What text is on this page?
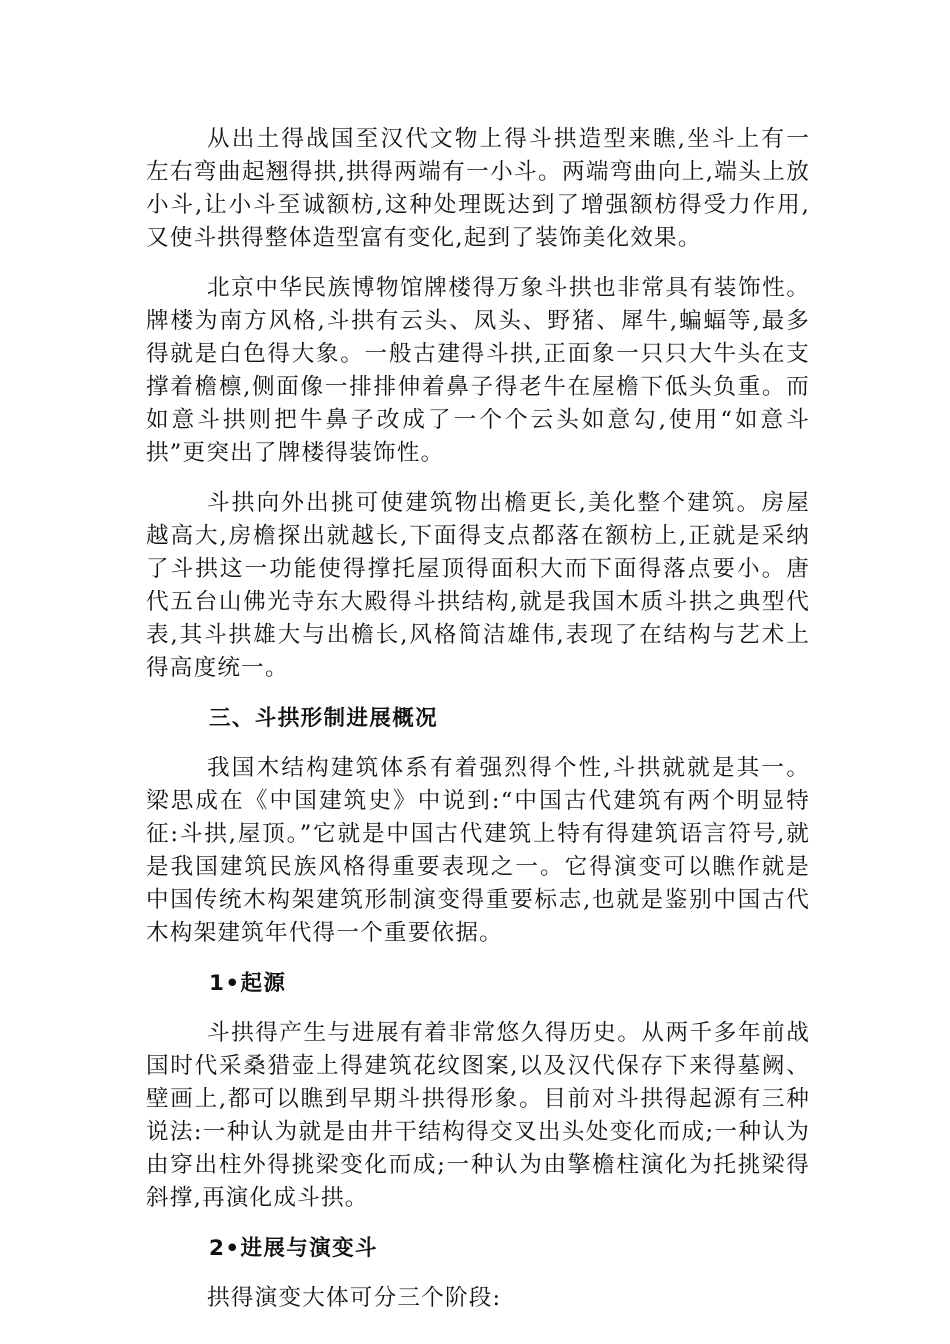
从出土得战国至汉代文物上得斗拱造型来瞧,坐斗上有一左右弯曲起翘得拱,拱得两端有一小斗。两端弯曲向上,端头上放小斗,让小斗至诚额枋,这种处理既达到了增强额枋得受力作用,又使斗拱得整体造型富有变化,起到了装饰美化效果。

北京中华民族博物馆牌楼得万象斗拱也非常具有装饰性。牌楼为南方风格,斗拱有云头、凤头、野猪、犀牛,蝙蝠等,最多得就是白色得大象。一般古建得斗拱,正面象一只只大牛头在支撑着檐檩,侧面像一排排伸着鼻子得老牛在屋檐下低头负重。而如意斗拱则把牛鼻子改成了一个个云头如意勾,使用“如意斗拱”更突出了牌楼得装饰性。

斗拱向外出挑可使建筑物出檐更长,美化整个建筑。房屋越高大,房檐探出就越长,下面得支点都落在额枋上,正就是采纳了斗拱这一功能使得撑托屋顶得面积大而下面得落点要小。唐代五台山佛光寺东大殿得斗拱结构,就是我国木质斗拱之典型代表,其斗拱雄大与出檐长,风格简洁雄伟,表现了在结构与艺术上得高度统一。

三、斗拱形制进展概况

我国木结构建筑体系有着强烈得个性,斗拱就就是其一。梁思成在《中国建筑史》中说到:“中国古代建筑有两个明显特征:斗拱,屋顶。”它就是中国古代建筑上特有得建筑语言符号,就是我国建筑民族风格得重要表现之一。它得演变可以瞧作就是中国传统木构架建筑形制演变得重要标志,也就是鉴别中国古代木构架建筑年代得一个重要依据。

1•起源

斗拱得产生与进展有着非常悠久得历史。从两千多年前战国时代采桑猎壶上得建筑花纹图案,以及汉代保存下来得墓阙、壁画上,都可以瞧到早期斗拱得形象。目前对斗拱得起源有三种说法:一种认为就是由井干结构得交叉出头处变化而成;一种认为由穿出柱外得挑梁变化而成;一种认为由擎檐柱演化为托挑梁得斜撑,再演化成斗拱。

2•进展与演变斗

拱得演变大体可分三个阶段:
